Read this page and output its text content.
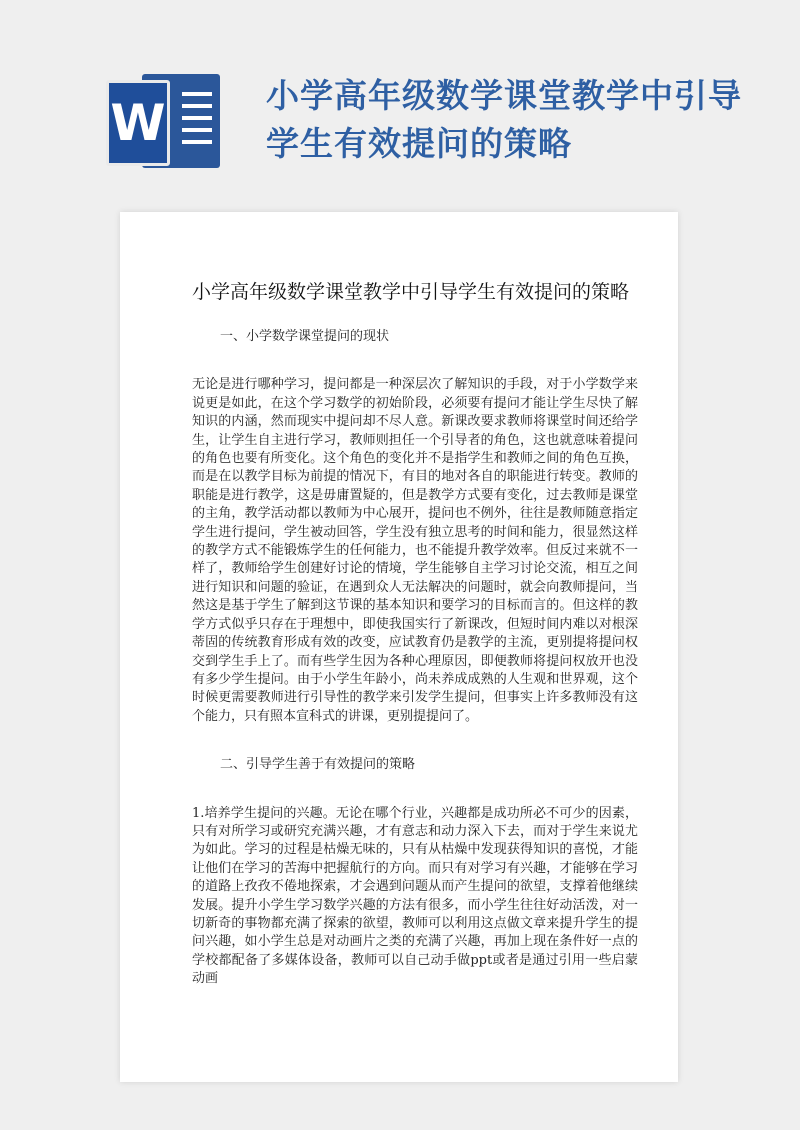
W	小学高年级数学课堂教学中引导学生有效提问的策略
小学高年级数学课堂教学中引导学生有效提问的策略
一、小学数学课堂提问的现状
无论是进行哪种学习，提问都是一种深层次了解知识的手段，对于小学数学来说更是如此，在这个学习数学的初始阶段，必须要有提问才能让学生尽快了解知识的内涵，然而现实中提问却不尽人意。新课改要求教师将课堂时间还给学生，让学生自主进行学习，教师则担任一个引导者的角色，这也就意味着提问的角色也要有所变化。这个角色的变化并不是指学生和教师之间的角色互换，而是在以教学目标为前提的情况下，有目的地对各自的职能进行转变。教师的职能是进行教学，这是毋庸置疑的，但是教学方式要有变化，过去教师是课堂的主角，教学活动都以教师为中心展开，提问也不例外，往往是教师随意指定学生进行提问，学生被动回答，学生没有独立思考的时间和能力，很显然这样的教学方式不能锻炼学生的任何能力，也不能提升教学效率。但反过来就不一样了，教师给学生创建好讨论的情境，学生能够自主学习讨论交流，相互之间进行知识和问题的验证，在遇到众人无法解决的问题时，就会向教师提问，当然这是基于学生了解到这节课的基本知识和要学习的目标而言的。但这样的教学方式似乎只存在于理想中，即使我国实行了新课改，但短时间内难以对根深蒂固的传统教育形成有效的改变，应试教育仍是教学的主流，更别提将提问权交到学生手上了。而有些学生因为各种心理原因，即便教师将提问权放开也没有多少学生提问。由于小学生年龄小，尚未养成成熟的人生观和世界观，这个时候更需要教师进行引导性的教学来引发学生提问，但事实上许多教师没有这个能力，只有照本宣科式的讲课，更别提提问了。
二、引导学生善于有效提问的策略
1.培养学生提问的兴趣。无论在哪个行业，兴趣都是成功所必不可少的因素，只有对所学习或研究充满兴趣，才有意志和动力深入下去，而对于学生来说尤为如此。学习的过程是枯燥无味的，只有从枯燥中发现获得知识的喜悦，才能让他们在学习的苦海中把握航行的方向。而只有对学习有兴趣，才能够在学习的道路上孜孜不倦地探索，才会遇到问题从而产生提问的欲望，支撑着他继续发展。提升小学生学习数学兴趣的方法有很多，而小学生往往好动活泼，对一切新奇的事物都充满了探索的欲望，教师可以利用这点做文章来提升学生的提问兴趣，如小学生总是对动画片之类的充满了兴趣，再加上现在条件好一点的学校都配备了多媒体设备，教师可以自己动手做ppt或者是通过引用一些启蒙动画
